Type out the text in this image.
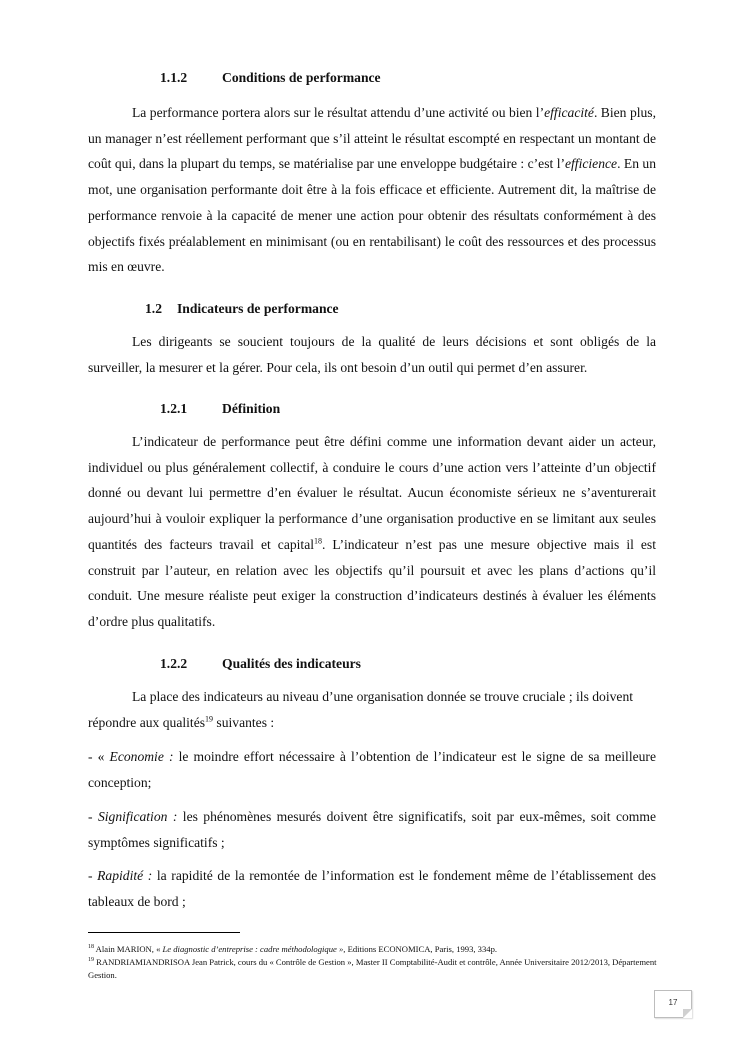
1.1.2	Conditions de performance
La performance portera alors sur le résultat attendu d’une activité ou bien l’efficacité. Bien plus, un manager n’est réellement performant que s’il atteint le résultat escompté en respectant un montant de coût qui, dans la plupart du temps, se matérialise par une enveloppe budgétaire : c’est l’efficience. En un mot, une organisation performante doit être à la fois efficace et efficiente. Autrement dit, la maîtrise de performance renvoie à la capacité de mener une action pour obtenir des résultats conformément à des objectifs fixés préalablement en minimisant (ou en rentabilisant) le coût des ressources et des processus mis en œuvre.
1.2 Indicateurs de performance
Les dirigeants se soucient toujours de la qualité de leurs décisions et sont obligés de la surveiller, la mesurer et la gérer. Pour cela, ils ont besoin d’un outil qui permet d’en assurer.
1.2.1	Définition
L’indicateur de performance peut être défini comme une information devant aider un acteur, individuel ou plus généralement collectif, à conduire le cours d’une action vers l’atteinte d’un objectif donné ou devant lui permettre d’en évaluer le résultat. Aucun économiste sérieux ne s’aventurerait aujourd’hui à vouloir expliquer la performance d’une organisation productive en se limitant aux seules quantités des facteurs travail et capital$^{18}$. L’indicateur n’est pas une mesure objective mais il est construit par l’auteur, en relation avec les objectifs qu’il poursuit et avec les plans d’actions qu’il conduit. Une mesure réaliste peut exiger la construction d’indicateurs destinés à évaluer les éléments d’ordre plus qualitatifs.
1.2.2	Qualités des indicateurs
La place des indicateurs au niveau d’une organisation donnée se trouve cruciale ; ils doivent répondre aux qualités$^{19}$ suivantes :
- « Economie : le moindre effort nécessaire à l’obtention de l’indicateur est le signe de sa meilleure conception;
- Signification : les phénomènes mesurés doivent être significatifs, soit par eux-mêmes, soit comme symptômes significatifs ;
- Rapidité : la rapidité de la remontée de l’information est le fondement même de l’établissement des tableaux de bord ;
$^{18}$ Alain MARION, « Le diagnostic d’entreprise : cadre méthodologique », Editions ECONOMICA, Paris, 1993, 334p.
$^{19}$ RANDRIAMIANDRISOA Jean Patrick, cours du « Contrôle de Gestion », Master II Comptabilité-Audit et contrôle, Année Universitaire 2012/2013, Département Gestion.
17
